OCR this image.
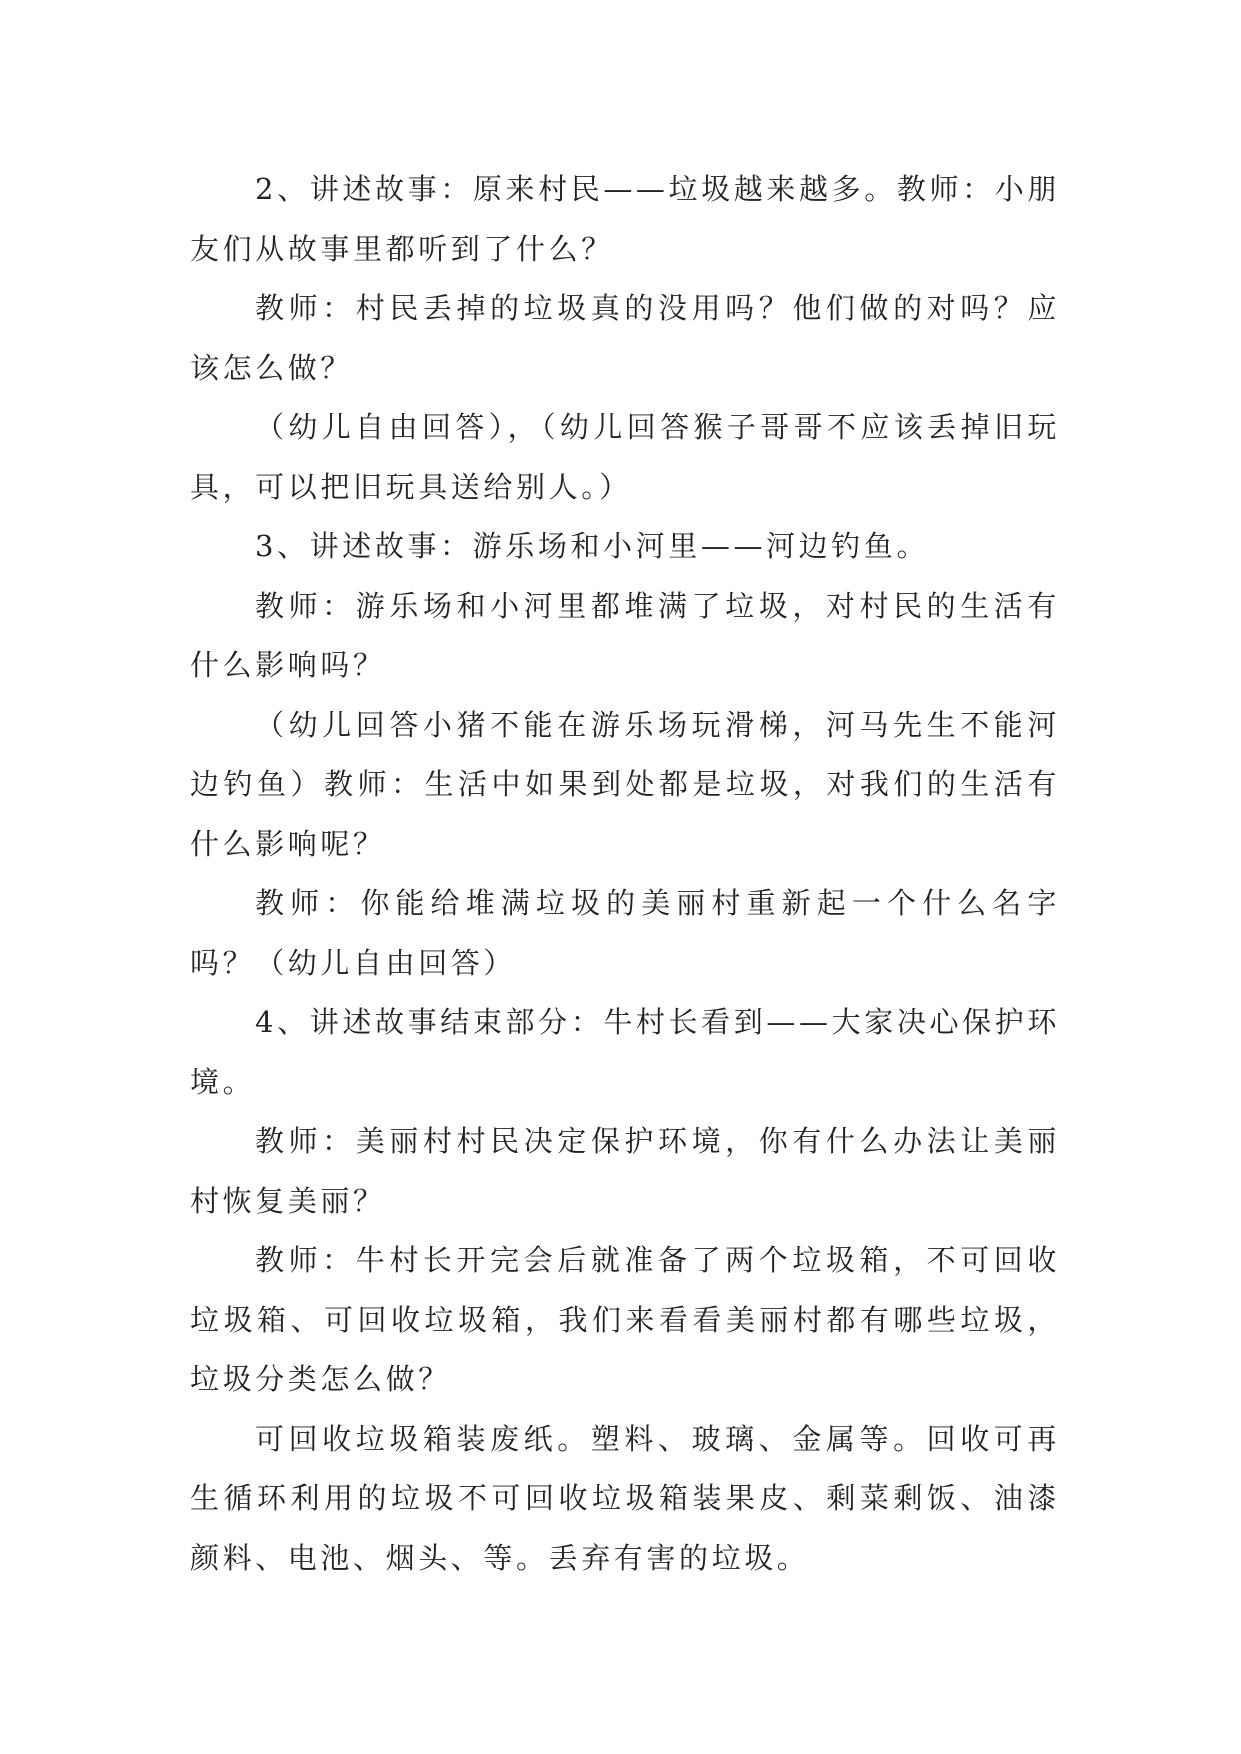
2、讲述故事：原来村民——垃圾越来越多。教师：小朋友们从故事里都听到了什么？

教师：村民丢掉的垃圾真的没用吗？他们做的对吗？应该怎么做？

（幼儿自由回答），（幼儿回答猴子哥哥不应该丢掉旧玩具，可以把旧玩具送给别人。）

3、讲述故事：游乐场和小河里——河边钓鱼。

教师：游乐场和小河里都堆满了垃圾，对村民的生活有什么影响吗？

（幼儿回答小猪不能在游乐场玩滑梯，河马先生不能河边钓鱼）教师：生活中如果到处都是垃圾，对我们的生活有什么影响呢？

教师：你能给堆满垃圾的美丽村重新起一个什么名字吗？（幼儿自由回答）

4、讲述故事结束部分：牛村长看到——大家决心保护环境。

教师：美丽村村民决定保护环境，你有什么办法让美丽村恢复美丽？

教师：牛村长开完会后就准备了两个垃圾箱，不可回收垃圾箱、可回收垃圾箱，我们来看看美丽村都有哪些垃圾，垃圾分类怎么做？

可回收垃圾箱装废纸。塑料、玻璃、金属等。回收可再生循环利用的垃圾不可回收垃圾箱装果皮、剩菜剩饭、油漆颜料、电池、烟头、等。丢弃有害的垃圾。
